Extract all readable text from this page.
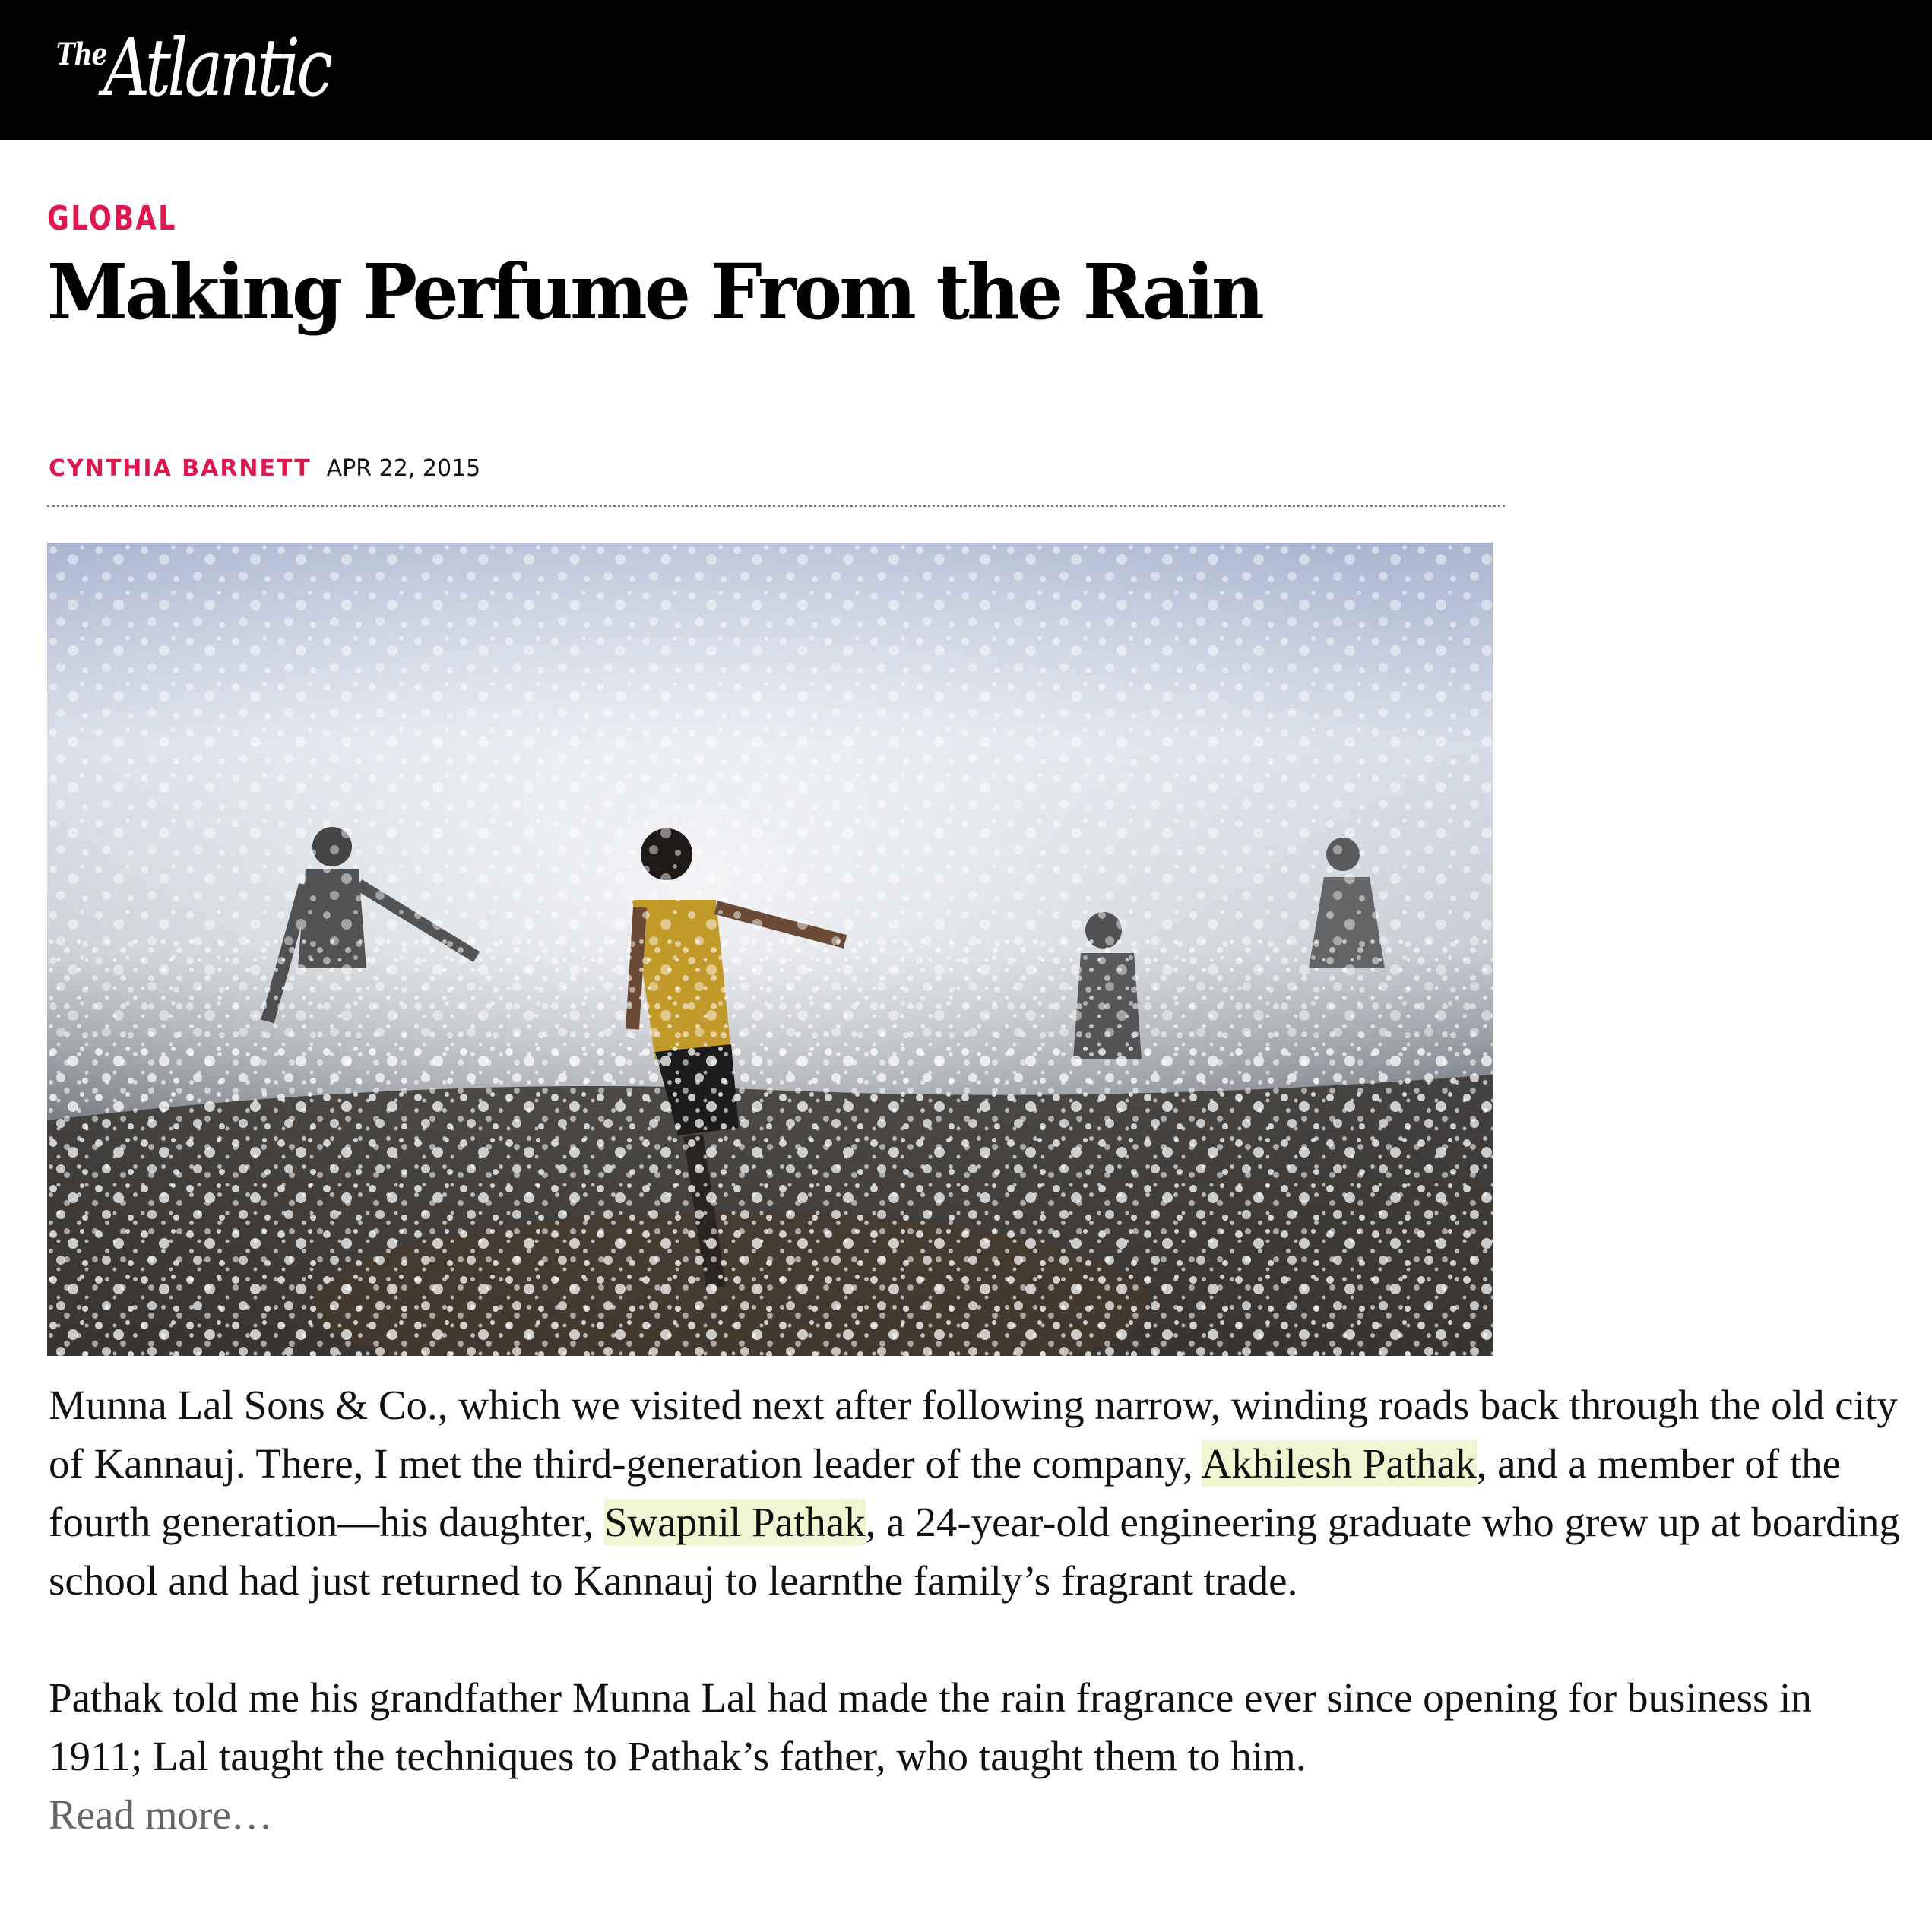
TheAtlantic
GLOBAL
Making Perfume From the Rain
CYNTHIA BARNETT APR 22, 2015

Munna Lal Sons & Co., which we visited next after following narrow, winding roads back through the old city of Kannauj. There, I met the third-generation leader of the company, Akhilesh Pathak, and a member of the fourth generation—his daughter, Swapnil Pathak, a 24-year-old engineering graduate who grew up at boarding school and had just returned to Kannauj to learnthe family’s fragrant trade.

Pathak told me his grandfather Munna Lal had made the rain fragrance ever since opening for business in 1911; Lal taught the techniques to Pathak’s father, who taught them to him.
Read more…
